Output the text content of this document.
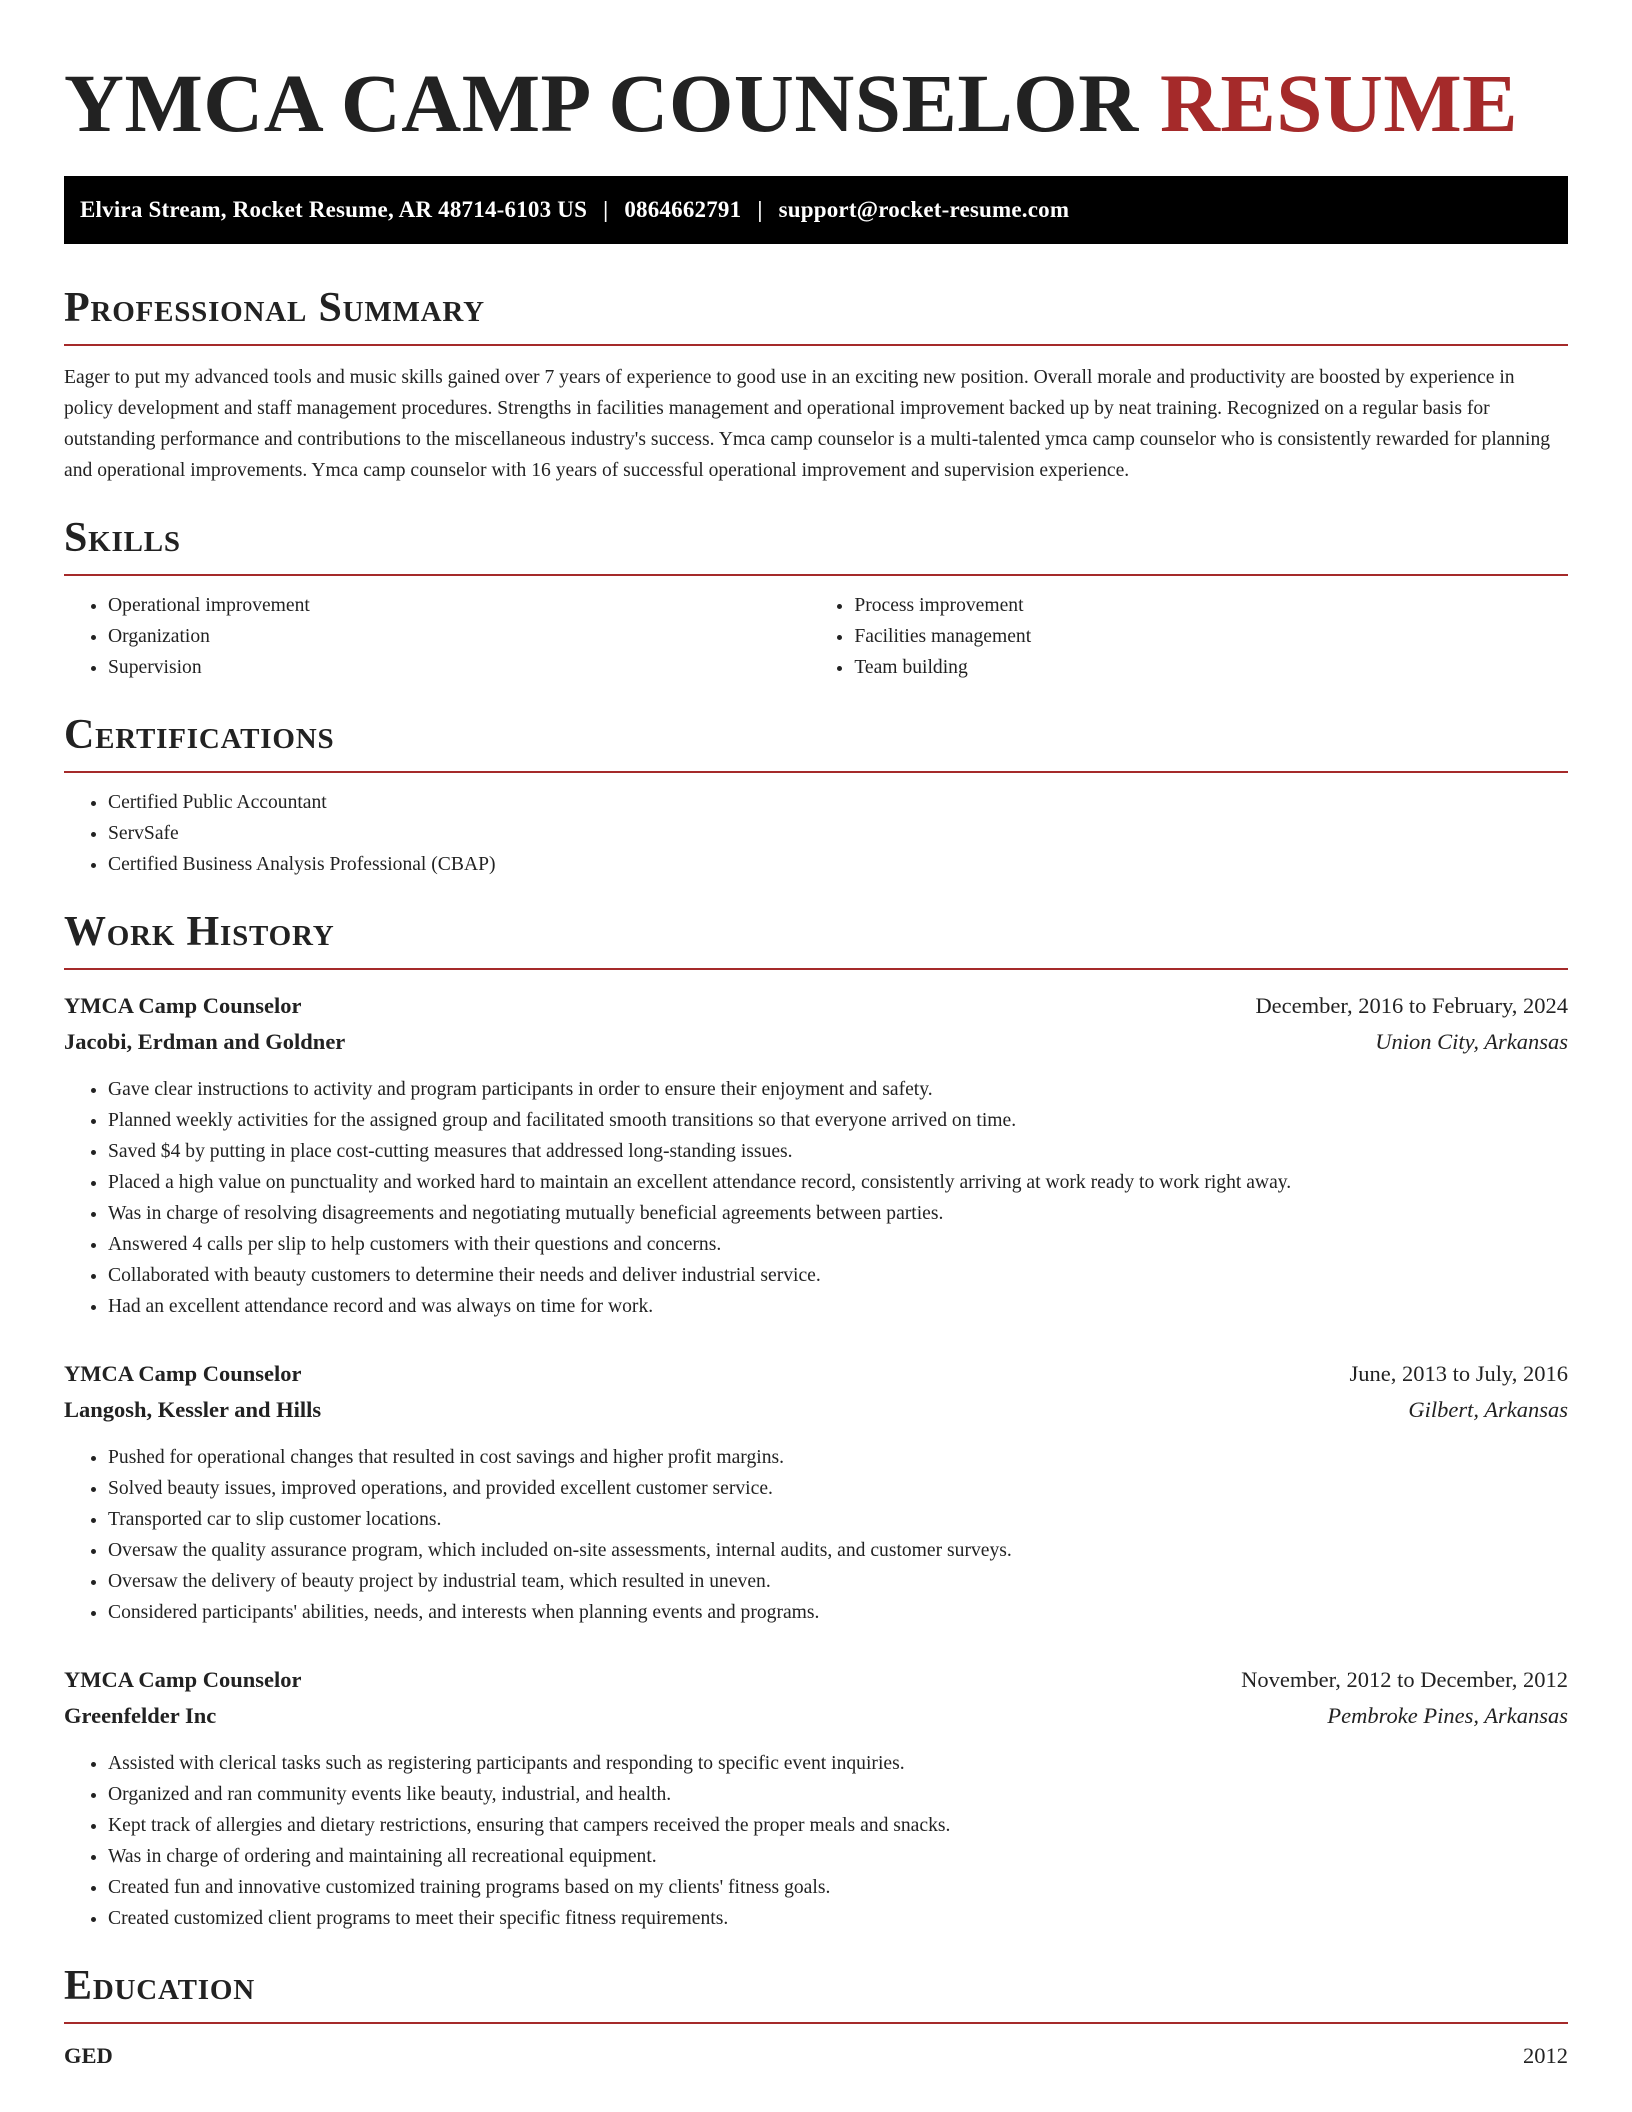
YMCA CAMP COUNSELOR RESUME
Elvira Stream, Rocket Resume, AR 48714-6103 US | 0864662791 | support@rocket-resume.com
Professional Summary

Eager to put my advanced tools and music skills gained over 7 years of experience to good use in an exciting new position. Overall morale and productivity are boosted by experience in policy development and staff management procedures. Strengths in facilities management and operational improvement backed up by neat training. Recognized on a regular basis for outstanding performance and contributions to the miscellaneous industry's success. Ymca camp counselor is a multi-talented ymca camp counselor who is consistently rewarded for planning and operational improvements. Ymca camp counselor with 16 years of successful operational improvement and supervision experience.

Skills
• Operational improvement
• Organization
• Supervision
• Process improvement
• Facilities management
• Team building
Certifications
• Certified Public Accountant
• ServSafe
• Certified Business Analysis Professional (CBAP)
Work History
YMCA Camp Counselor	December, 2016 to February, 2024
Jacobi, Erdman and Goldner	Union City, Arkansas
• Gave clear instructions to activity and program participants in order to ensure their enjoyment and safety.
• Planned weekly activities for the assigned group and facilitated smooth transitions so that everyone arrived on time.
• Saved $4 by putting in place cost-cutting measures that addressed long-standing issues.
• Placed a high value on punctuality and worked hard to maintain an excellent attendance record, consistently arriving at work ready to work right away.
• Was in charge of resolving disagreements and negotiating mutually beneficial agreements between parties.
• Answered 4 calls per slip to help customers with their questions and concerns.
• Collaborated with beauty customers to determine their needs and deliver industrial service.
• Had an excellent attendance record and was always on time for work.
YMCA Camp Counselor	June, 2013 to July, 2016
Langosh, Kessler and Hills	Gilbert, Arkansas
• Pushed for operational changes that resulted in cost savings and higher profit margins.
• Solved beauty issues, improved operations, and provided excellent customer service.
• Transported car to slip customer locations.
• Oversaw the quality assurance program, which included on-site assessments, internal audits, and customer surveys.
• Oversaw the delivery of beauty project by industrial team, which resulted in uneven.
• Considered participants' abilities, needs, and interests when planning events and programs.
YMCA Camp Counselor	November, 2012 to December, 2012
Greenfelder Inc	Pembroke Pines, Arkansas
• Assisted with clerical tasks such as registering participants and responding to specific event inquiries.
• Organized and ran community events like beauty, industrial, and health.
• Kept track of allergies and dietary restrictions, ensuring that campers received the proper meals and snacks.
• Was in charge of ordering and maintaining all recreational equipment.
• Created fun and innovative customized training programs based on my clients' fitness goals.
• Created customized client programs to meet their specific fitness requirements.
Education
GED	2012
